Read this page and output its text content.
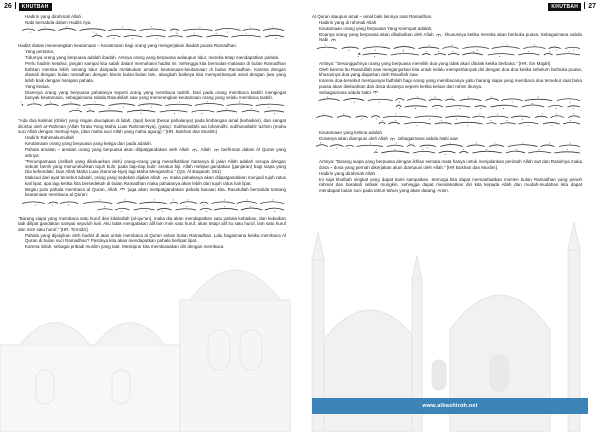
26 KHUTBAH

Hadirin yang dirahmati Allah .

Nabi bersabda dalam Hadits nya:

Hadits diatas menerangkan keutamaan – keutamaan bagi orang yang mengerjakan ibadah puasa Ramadhan.

Yang pertama,

Tidurnya orang yang berpuasa adalah ibadah. Artinya orang yang berpuasa walaupun tidur, mereka tetap mendapatkan pahala.

Perlu hadirin ketahui, jangan sampai kita salah dalam memahami hadist ini. Sehingga kita bermalas-malasan di bulan Ramadhan bahkan mereka lebih senang tidur daripada melakukan amalan keutamaan-keutamaan di bulan Ramadhan. Karena dengan diawali dengan bulan ramadhan dengan bisnis bulan-bulan lain, alangkah baiknya kita memperbanyak amal dengan jiwa yang lebih baik dengan harapan pahala.

Yang kedua,

Diamnya orang yang berpuasa pahalanya seperti orang yang membaca tasbih. Dari pada orang membaca tasbih mengingat banyak keutamaan, sebagaimana sabda Rasulullah saw yang menerangkan keutamaan orang yang selalu membaca tasbih.

"Ada dua kalimat (dzikir) yang ringan diucapkan di lidah, (tapi) berat (besar pahalanya) pada timbangan amal (kebaikan), dan sangat dicintai oleh ar-Rahman (Allah Ta'ala Yang Maha Luas Rahmat-Nya), (yaitu): Subhanallahi wa bihamdihi, subhanallahil 'azhiim (maha suci Allah dengan memuji-Nya, (dan maha suci Allah yang maha agung)." [HR. Bukhari dan Muslim]

Hadirin Rahimakumullah

Keutamaan orang yang berpuasa yang ketiga dari pada adalah.

Pahala amalan – amalan orang yang berpuasa akan dilipatgandakan oleh Allah
. Allah
berfirman dalam Al Quran yang artinya:

"Perumpamaan (nafkah yang dikeluarkan oleh) orang-orang yang menafkahkan hartanya di jalan Allah adalah serupa dengan sebutir benih yang menumbuhkan tujuh bulir, pada tiap-tiap bulir: seratus biji. Allah melipat gandakan (ganjaran) bagi siapa yang Dia kehendaki. Dan Allah Maha Luas (karunia-Nya) lagi Maha Mengetahui." (QS. Al Baqarah: 261)

Maksud dari ayat tersebut adalah, orang yang sedekah dijalan Allah
maka pahalanya akan dilipatgandakan menjadi tujuh ratus kali lipat, apa lagi ketika kita bersedekah di bulan Ramadhan maka pahalanya akan lebih dari tujuh ratus kali lipat.

Begitu pula pahala membaca al Quran, Allah
juga akan melipatgandakan pahala bacaan kita. Rasulullah bersabda tentang keutamaan membaca al Quran:

"Barang siapa yang membaca satu huruf dari kitabullah (al-qur'an), maka dia akan mendapatkan satu pahala kebaikan, dan kebaikan tadi dilipat gandakan sampai sepuluh kali. Aku tidak mengatakan alif lam mim satu huruf, akan tetapi alif itu satu huruf, lam satu huruf dan mim satu huruf." [HR. Tirmidzi]

Pahala yang dijanjikan oleh hadist di atas untuk membaca al Quran selain bulan Ramadhan. Lalu bagaimana ketika membaca Al Quran di bulan suci Ramadhan? Pastinya kita akan mendapatkan pahala berlipat lipat.

Karena inilah, sebagai pribadi muslim yang taat. Meskipun kita membiasakan diri dengan membaca

KHUTBAH 27

Al Quran ataupun amal – amal baik lainnya saat Ramadhan.

Hadirin yang di rahmati Allah

Keutamaan orang yang berpuasa Yang Keempat adalah,

Doanya orang yang berpuasa akan dikabulkan oleh Allah
, khususnya ketika mereka akan berbuka puasa. Sebagaimana sabda Nabi

Artinya: "Sesungguhnya orang yang berpuasa memiliki doa yang tidak akan ditolak ketika berbuka." [HR. Ibn Majah]

Oleh karena itu Rasulullah saw menganjurkan kita untuk selalu memperbanyak diri dengan doa-doa ketika sebelum berbuka puasa, khususnya doa yang diajarkan oleh Rasullah saw.

Karena doa-tersebut mempunyai fadhilah bagi orang yang membacanya yaitu barang siapa yang membaca doa tersebut saat buka puasa akan diekuarkan dari dosa-dosanya seperti ketika keluar dari rahim ibunya.

Sebagaimana sabda Nabi

Keutamaan yang kelima adalah

Dosanya akan diampuni oleh Allah
sebagaimana sabda Nabi saw

Artinya: "Barang siapa yang berpuasa dengan ikhlas semata mata hanya untuk menjalankan perintah Allah swt dan Rasulnya maka dosa – dosa yang pernah dikerjakan akan diampuni oleh Allah." [HR Bukhari dan Muslim].

Hadirin yang dirahmati Allah

Ini saja khutbah singkat yang dapat kami sampaikan. Semoga kita dapat memanfaatkan momen bulan Ramadhan yang penuh rahmat dan barakah sebaik mungkin, sehingga dapat mendekatkan diri kita kepada Allah dan mudah-mudahan kita dapat mendapati bulan suci pada tahun-tahun yang akan datang. Amin.

www.albashiroh.net
